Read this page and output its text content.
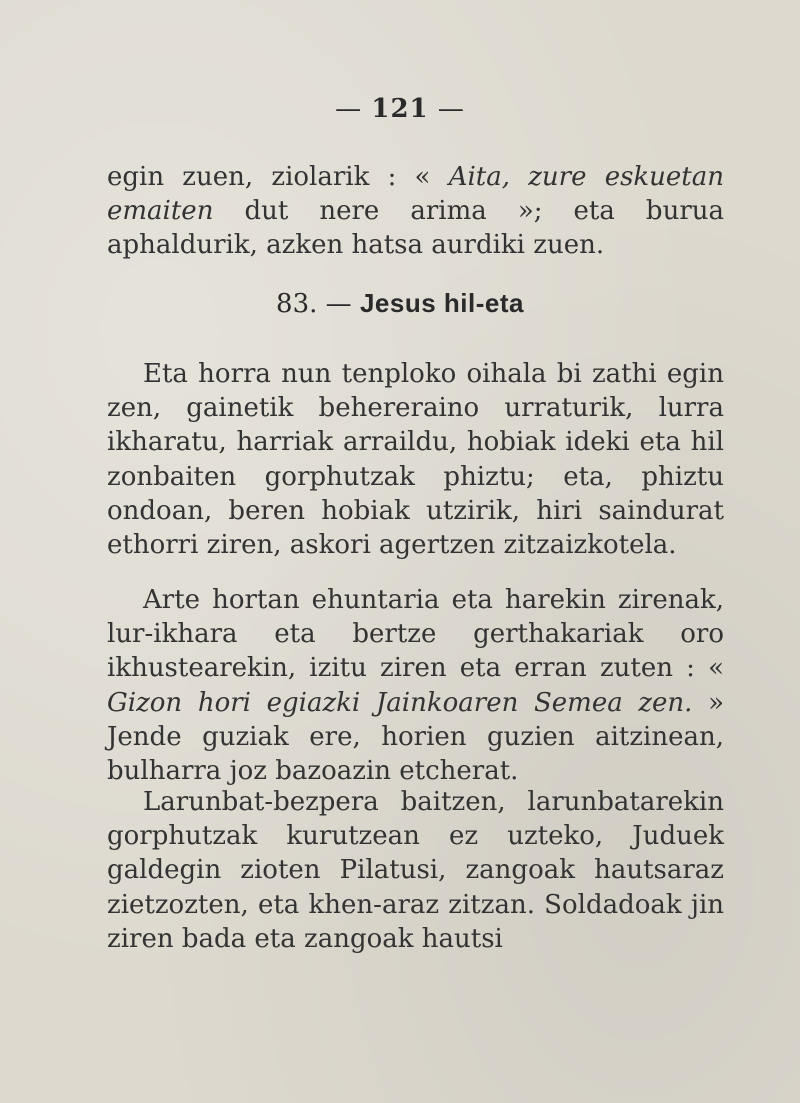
— 121 —

egin zuen, ziolarik : « Aita, zure eskuetan emaiten dut nere arima »; eta burua aphaldurik, azken hatsa aurdiki zuen.

83. — Jesus hil-eta

Eta horra nun tenploko oihala bi zathi egin zen, gainetik behereraino urraturik, lurra ikharatu, harriak arraildu, hobiak ideki eta hil zonbaiten gorphutzak phiztu; eta, phiztu ondoan, beren hobiak utzirik, hiri saindurat ethorri ziren, askori agertzen zitzaizkotela.

Arte hortan ehuntaria eta harekin zirenak, lur-ikhara eta bertze gerthakariak oro ikhustearekin, izitu ziren eta erran zuten : « Gizon hori egiazki Jainkoaren Semea zen. » Jende guziak ere, horien guzien aitzinean, bulharra joz bazoazin etcherat.

Larunbat-bezpera baitzen, larunbatarekin gorphutzak kurutzean ez uzteko, Juduek galdegin zioten Pilatusi, zangoak hautsaraz zietzozten, eta khen-araz zitzan. Soldadoak jin ziren bada eta zangoak hautsi
